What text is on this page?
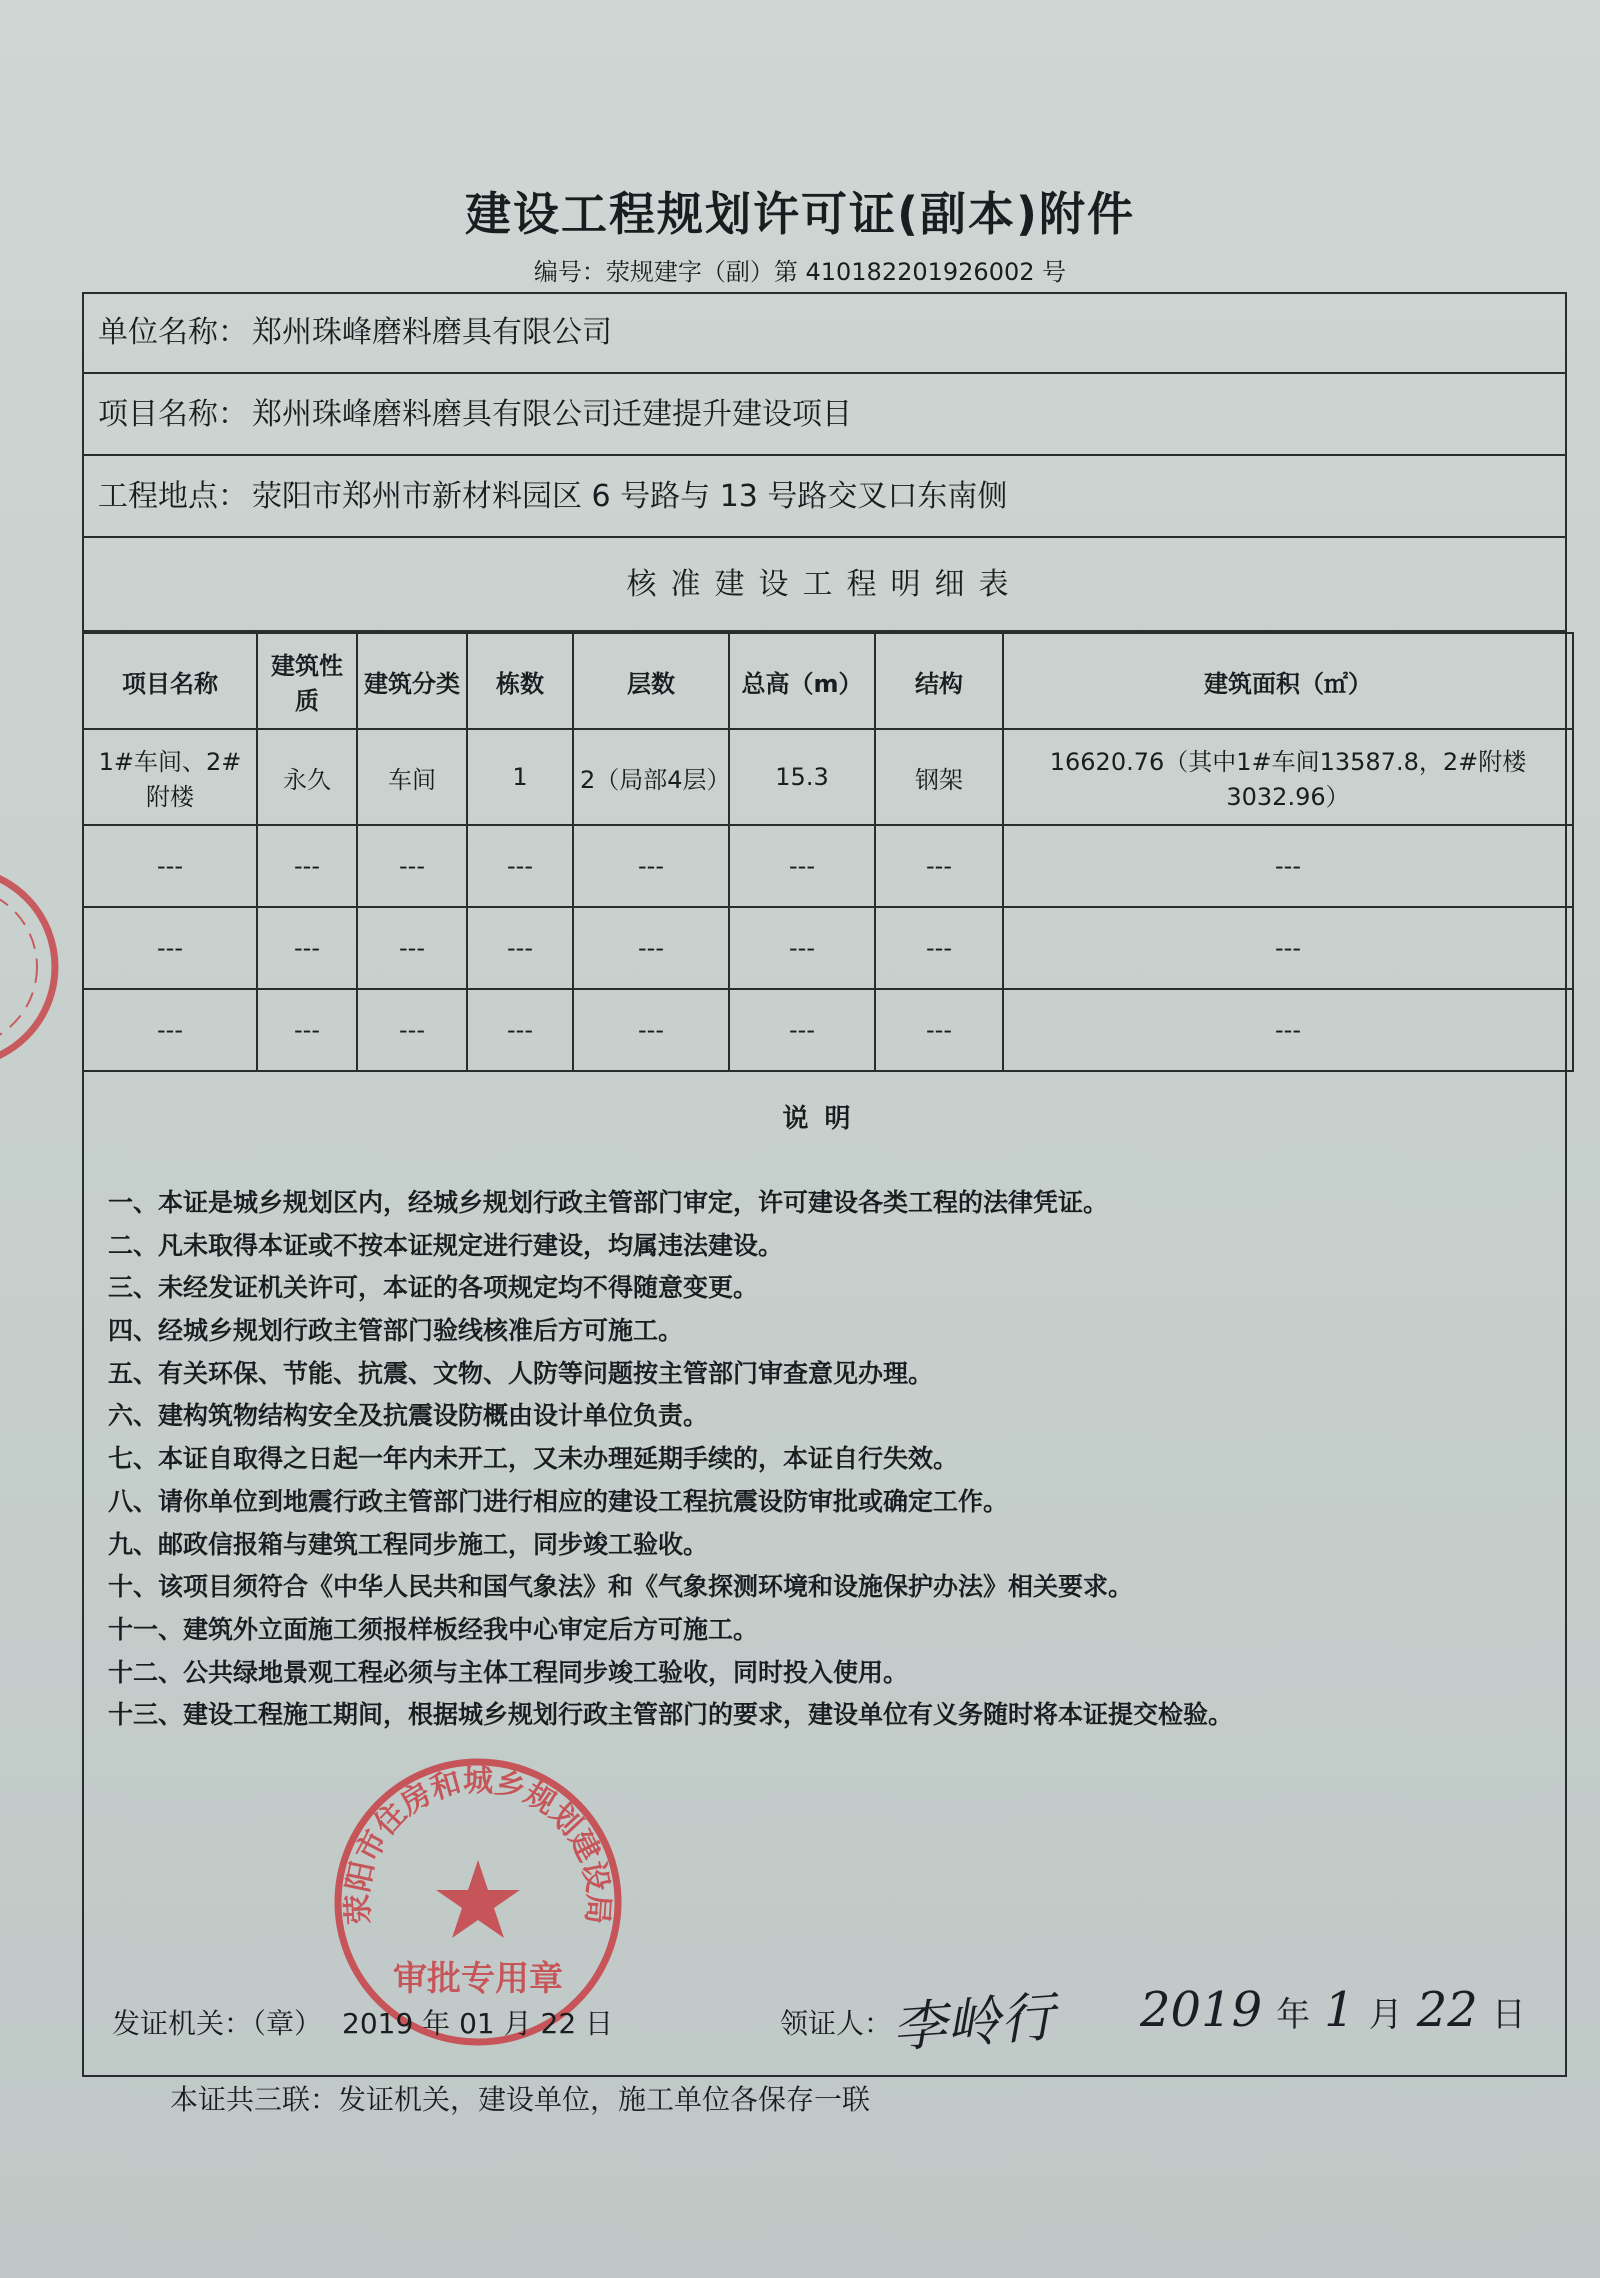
建设工程规划许可证(副本)附件
编号：荥规建字（副）第 410182201926002 号
单位名称： 郑州珠峰磨料磨具有限公司
项目名称： 郑州珠峰磨料磨具有限公司迁建提升建设项目
工程地点： 荥阳市郑州市新材料园区 6 号路与 13 号路交叉口东南侧
核准建设工程明细表
项目名称	建筑性质	建筑分类	栋数	层数	总高（m）	结构	建筑面积（㎡）
1#车间、2#附楼	永久	车间	1	2（局部4层）	15.3	钢架	16620.76（其中1#车间13587.8，2#附楼3032.96）
---	---	---	---	---	---	---	---
---	---	---	---	---	---	---	---
---	---	---	---	---	---	---	---
说明
一、本证是城乡规划区内，经城乡规划行政主管部门审定，许可建设各类工程的法律凭证。
二、凡未取得本证或不按本证规定进行建设，均属违法建设。
三、未经发证机关许可，本证的各项规定均不得随意变更。
四、经城乡规划行政主管部门验线核准后方可施工。
五、有关环保、节能、抗震、文物、人防等问题按主管部门审查意见办理。
六、建构筑物结构安全及抗震设防概由设计单位负责。
七、本证自取得之日起一年内未开工，又未办理延期手续的，本证自行失效。
八、请你单位到地震行政主管部门进行相应的建设工程抗震设防审批或确定工作。
九、邮政信报箱与建筑工程同步施工，同步竣工验收。
十、该项目须符合《中华人民共和国气象法》和《气象探测环境和设施保护办法》相关要求。
十一、建筑外立面施工须报样板经我中心审定后方可施工。
十二、公共绿地景观工程必须与主体工程同步竣工验收，同时投入使用。
十三、建设工程施工期间，根据城乡规划行政主管部门的要求，建设单位有义务随时将本证提交检验。
荥阳市住房和城乡规划建设局
审批专用章
发证机关：（章） 2019 年 01 月 22 日	领证人：
李岭行 2019 年 1 月 22 日
本证共三联：发证机关，建设单位，施工单位各保存一联
